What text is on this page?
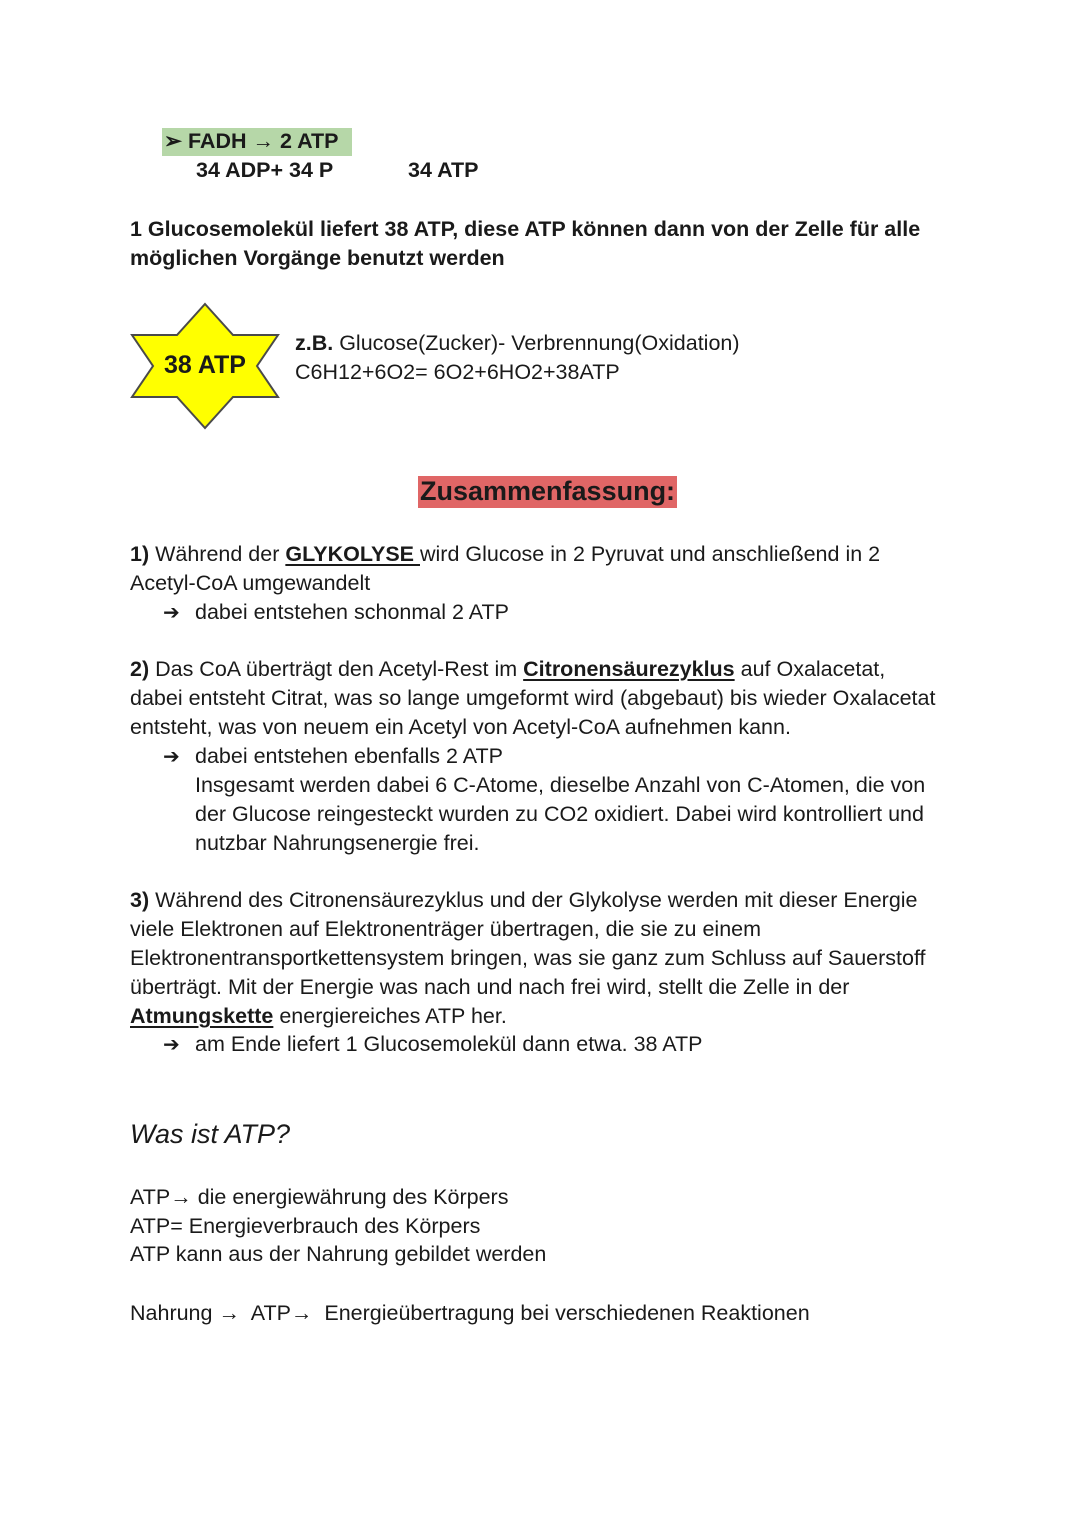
➢ FADH → 2 ATP
34 ADP+ 34 P	34 ATP
1 Glucosemolekül liefert 38 ATP, diese ATP können dann von der Zelle für alle
möglichen Vorgänge benutzt werden
38 ATP
z.B. Glucose(Zucker)- Verbrennung(Oxidation)
C6H12+6O2= 6O2+6HO2+38ATP
Zusammenfassung:
1) Während der GLYKOLYSE wird Glucose in 2 Pyruvat und anschließend in 2
Acetyl-CoA umgewandelt
➔ dabei entstehen schonmal 2 ATP
2) Das CoA überträgt den Acetyl-Rest im Citronensäurezyklus auf Oxalacetat,
dabei entsteht Citrat, was so lange umgeformt wird (abgebaut) bis wieder Oxalacetat
entsteht, was von neuem ein Acetyl von Acetyl-CoA aufnehmen kann.
➔ dabei entstehen ebenfalls 2 ATP
Insgesamt werden dabei 6 C-Atome, dieselbe Anzahl von C-Atomen, die von
der Glucose reingesteckt wurden zu CO2 oxidiert. Dabei wird kontrolliert und
nutzbar Nahrungsenergie frei.
3) Während des Citronensäurezyklus und der Glykolyse werden mit dieser Energie
viele Elektronen auf Elektronenträger übertragen, die sie zu einem
Elektronentransportkettensystem bringen, was sie ganz zum Schluss auf Sauerstoff
überträgt. Mit der Energie was nach und nach frei wird, stellt die Zelle in der
Atmungskette energiereiches ATP her.
➔ am Ende liefert 1 Glucosemolekül dann etwa. 38 ATP
Was ist ATP?
ATP→ die energiewährung des Körpers
ATP= Energieverbrauch des Körpers
ATP kann aus der Nahrung gebildet werden
Nahrung →  ATP→  Energieübertragung bei verschiedenen Reaktionen
